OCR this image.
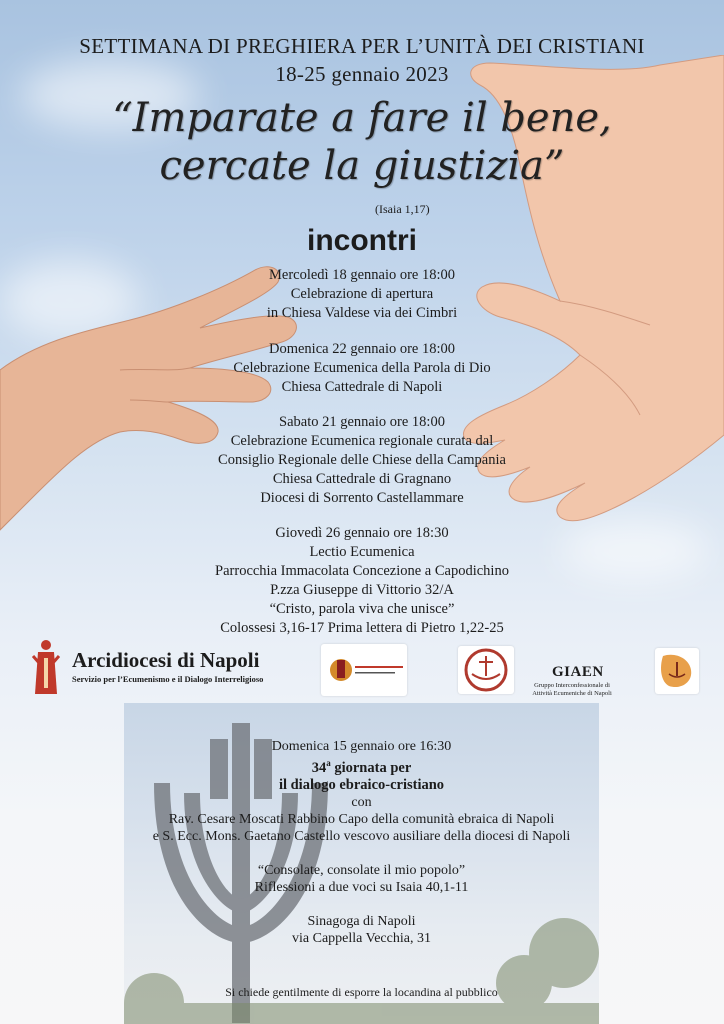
SETTIMANA DI PREGHIERA PER L’UNITÀ DEI CRISTIANI
18-25 gennaio 2023
“Imparate a fare il bene,
cercate la giustizia”
(Isaia 1,17)
incontri
Mercoledì 18 gennaio ore 18:00
Celebrazione di apertura
in Chiesa Valdese via dei Cimbri
Domenica 22 gennaio ore 18:00
Celebrazione Ecumenica della Parola di Dio
Chiesa Cattedrale di Napoli
Sabato 21 gennaio ore 18:00
Celebrazione Ecumenica regionale curata dal
Consiglio Regionale delle Chiese della Campania
Chiesa Cattedrale di Gragnano
Diocesi di Sorrento Castellammare
Giovedì 26 gennaio ore 18:30
Lectio Ecumenica
Parrocchia Immacolata Concezione a Capodichino
P.zza Giuseppe di Vittorio 32/A
“Cristo, parola viva che unisce”
Colossesi 3,16-17 Prima lettera di Pietro 1,22-25
Arcidiocesi di Napoli
Servizio per l’Ecumenismo e il Dialogo Interreligioso	GIAEN
Gruppo Interconfessionale di Attività Ecumeniche di Napoli
Domenica 15 gennaio ore 16:30
34$^a$ giornata per
il dialogo ebraico-cristiano
con
Rav. Cesare Moscati Rabbino Capo della comunità ebraica di Napoli
e S. Ecc. Mons. Gaetano Castello vescovo ausiliare della diocesi di Napoli
“Consolate, consolate il mio popolo”
Riflessioni a due voci su Isaia 40,1-11
Sinagoga di Napoli
via Cappella Vecchia, 31
Si chiede gentilmente di esporre la locandina al pubblico
